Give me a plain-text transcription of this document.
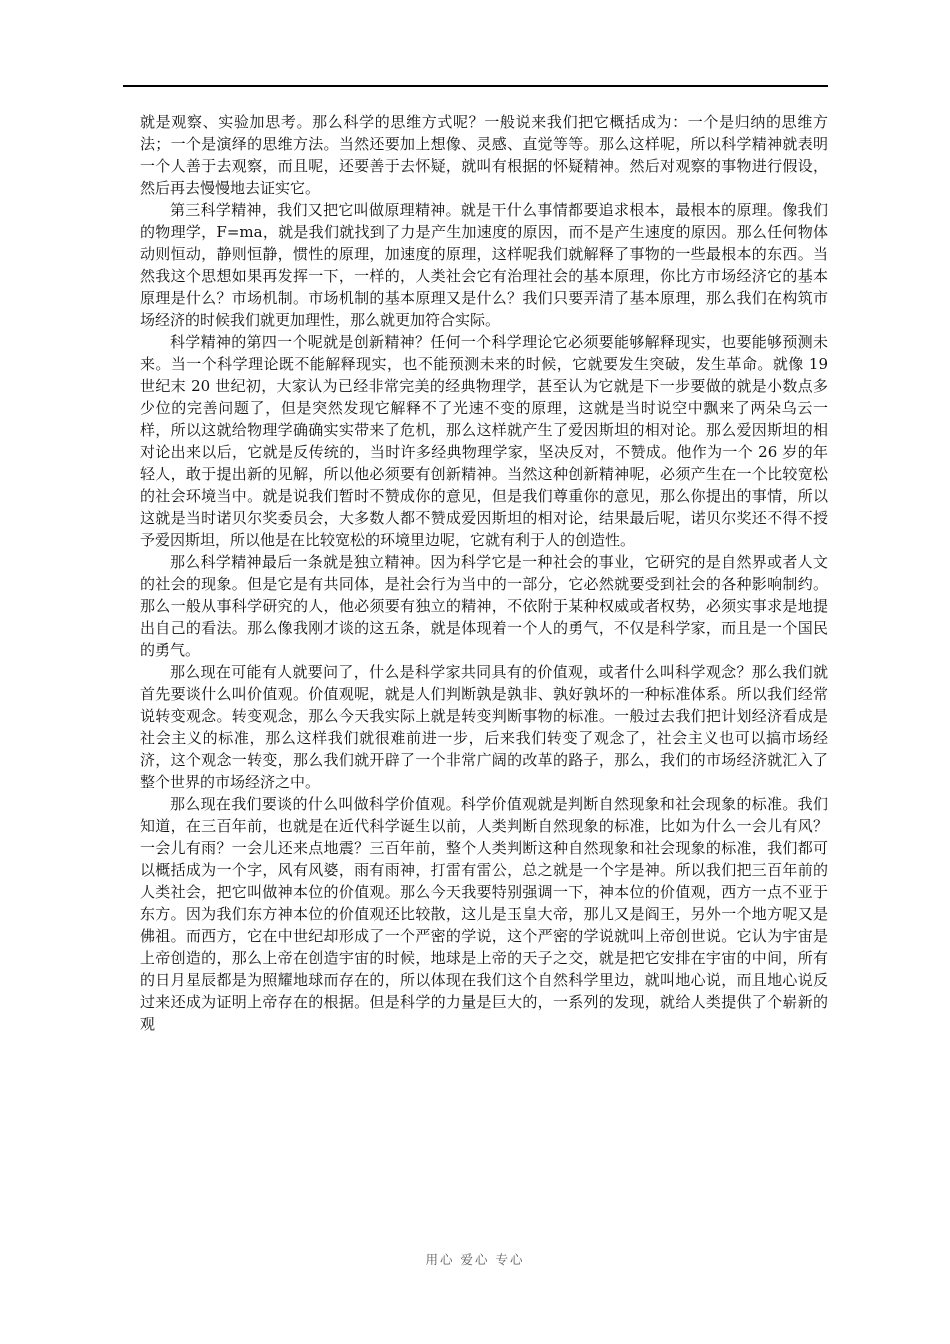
就是观察、实验加思考。那么科学的思维方式呢？一般说来我们把它概括成为：一个是归纳的思维方法；一个是演绎的思维方法。当然还要加上想像、灵感、直觉等等。那么这样呢，所以科学精神就表明一个人善于去观察，而且呢，还要善于去怀疑，就叫有根据的怀疑精神。然后对观察的事物进行假设，然后再去慢慢地去证实它。

第三科学精神，我们又把它叫做原理精神。就是干什么事情都要追求根本，最根本的原理。像我们的物理学，F=ma，就是我们就找到了力是产生加速度的原因，而不是产生速度的原因。那么任何物体动则恒动，静则恒静，惯性的原理，加速度的原理，这样呢我们就解释了事物的一些最根本的东西。当然我这个思想如果再发挥一下，一样的，人类社会它有治理社会的基本原理，你比方市场经济它的基本原理是什么？市场机制。市场机制的基本原理又是什么？我们只要弄清了基本原理，那么我们在构筑市场经济的时候我们就更加理性，那么就更加符合实际。

科学精神的第四一个呢就是创新精神？任何一个科学理论它必须要能够解释现实，也要能够预测未来。当一个科学理论既不能解释现实，也不能预测未来的时候，它就要发生突破，发生革命。就像 19 世纪末 20 世纪初，大家认为已经非常完美的经典物理学，甚至认为它就是下一步要做的就是小数点多少位的完善问题了，但是突然发现它解释不了光速不变的原理，这就是当时说空中飘来了两朵乌云一样，所以这就给物理学确确实实带来了危机，那么这样就产生了爱因斯坦的相对论。那么爱因斯坦的相对论出来以后，它就是反传统的，当时许多经典物理学家，坚决反对，不赞成。他作为一个 26 岁的年轻人，敢于提出新的见解，所以他必须要有创新精神。当然这种创新精神呢，必须产生在一个比较宽松的社会环境当中。就是说我们暂时不赞成你的意见，但是我们尊重你的意见，那么你提出的事情，所以这就是当时诺贝尔奖委员会，大多数人都不赞成爱因斯坦的相对论，结果最后呢，诺贝尔奖还不得不授予爱因斯坦，所以他是在比较宽松的环境里边呢，它就有利于人的创造性。

那么科学精神最后一条就是独立精神。因为科学它是一种社会的事业，它研究的是自然界或者人文的社会的现象。但是它是有共同体，是社会行为当中的一部分，它必然就要受到社会的各种影响制约。那么一般从事科学研究的人，他必须要有独立的精神，不依附于某种权威或者权势，必须实事求是地提出自己的看法。那么像我刚才谈的这五条，就是体现着一个人的勇气，不仅是科学家，而且是一个国民的勇气。

那么现在可能有人就要问了，什么是科学家共同具有的价值观，或者什么叫科学观念？那么我们就首先要谈什么叫价值观。价值观呢，就是人们判断孰是孰非、孰好孰坏的一种标准体系。所以我们经常说转变观念。转变观念，那么今天我实际上就是转变判断事物的标准。一般过去我们把计划经济看成是社会主义的标准，那么这样我们就很难前进一步，后来我们转变了观念了，社会主义也可以搞市场经济，这个观念一转变，那么我们就开辟了一个非常广阔的改革的路子，那么，我们的市场经济就汇入了整个世界的市场经济之中。

那么现在我们要谈的什么叫做科学价值观。科学价值观就是判断自然现象和社会现象的标准。我们知道，在三百年前，也就是在近代科学诞生以前，人类判断自然现象的标准，比如为什么一会儿有风？一会儿有雨？一会儿还来点地震？三百年前，整个人类判断这种自然现象和社会现象的标准，我们都可以概括成为一个字，风有风婆，雨有雨神，打雷有雷公，总之就是一个字是神。所以我们把三百年前的人类社会，把它叫做神本位的价值观。那么今天我要特别强调一下，神本位的价值观，西方一点不亚于东方。因为我们东方神本位的价值观还比较散，这儿是玉皇大帝，那儿又是阎王，另外一个地方呢又是佛祖。而西方，它在中世纪却形成了一个严密的学说，这个严密的学说就叫上帝创世说。它认为宇宙是上帝创造的，那么上帝在创造宇宙的时候，地球是上帝的天子之交，就是把它安排在宇宙的中间，所有的日月星辰都是为照耀地球而存在的，所以体现在我们这个自然科学里边，就叫地心说，而且地心说反过来还成为证明上帝存在的根据。但是科学的力量是巨大的，一系列的发现，就给人类提供了个崭新的观

用心 爱心 专心
